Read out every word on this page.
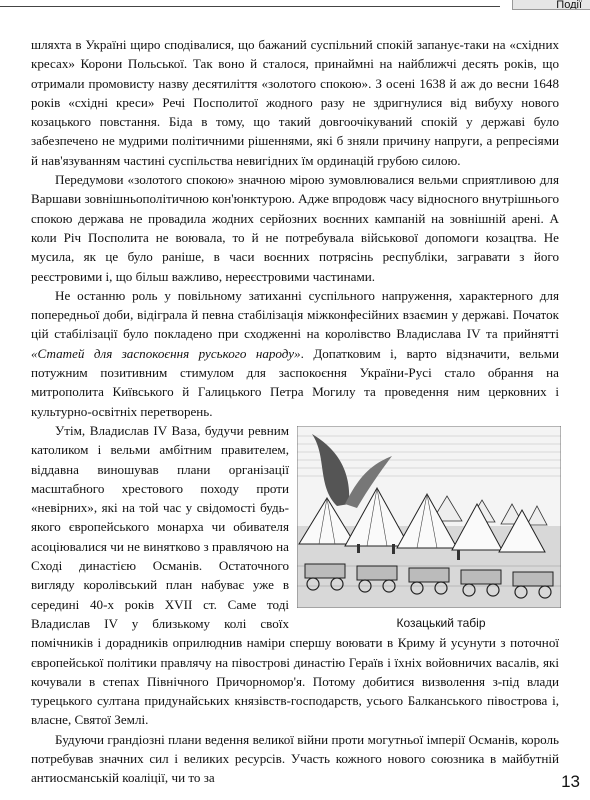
Події

шляхта в Україні щиро сподівалися, що бажаний суспільний спокій запанує-таки на «східних кресах» Корони Польської. Так воно й сталося, принаймні на найближчі десять років, що отримали промовисту назву десятиліття «золотого спокою». З осені 1638 й аж до весни 1648 років «східні креси» Речі Посполитої жодного разу не здригнулися від вибуху нового козацького повстання. Біда в тому, що такий довгоочікуваний спокій у державі було забезпечено не мудрими політичними рішеннями, які б зняли причину напруги, а репресіями й нав'язуванням частині суспільства невигідних їм ординацій грубою силою.

Передумови «золотого спокою» значною мірою зумовлювалися вельми сприятливою для Варшави зовнішньополітичною кон'юнктурою. Адже впродовж часу відносного внутрішнього спокою держава не провадила жодних серйозних воєнних кампаній на зовнішній арені. А коли Річ Посполита не воювала, то й не потребувала військової допомоги козацтва. Не мусила, як це було раніше, в часи воєнних потрясінь республіки, загравати з його реєстровими і, що більш важливо, нереєстровими частинами.

Не останню роль у повільному затиханні суспільного напруження, характерного для попередньої доби, відіграла й певна стабілізація міжконфесійних взаємин у державі. Початок цій стабілізації було покладено при сходженні на королівство Владислава IV та прийнятті «Статей для заспокоєння руського народу». Допатковим і, варто відзначити, вельми потужним позитивним стимулом для заспокоєння України-Русі стало обрання на митрополита Київського й Галицького Петра Могилу та проведення ним церковних і культурно-освітніх перетворень.

Козацький табір
Утім, Владислав IV Ваза, будучи ревним католиком і вельми амбітним правителем, віддавна виношував плани організації масштабного хрестового походу проти «невірних», які на той час у свідомості будь-якого європейського монарха чи обивателя асоціювалися чи не винятково з правлячою на Сході династією Османів. Остаточного вигляду королівський план набуває уже в середині 40-х років XVII ст. Саме тоді Владислав IV у близькому колі своїх помічників і дорадників оприлюднив наміри спершу воювати в Криму й усунути з поточної європейської політики правлячу на півострові династію Гераїв і їхніх войовничих васалів, які кочували в степах Північного Причорномор'я. Потому добитися визволення з-під влади турецького султана придунайських князівств-господарств, усього Балканського півострова і, власне, Святої Землі.

Будуючи грандіозні плани ведення великої війни проти могутньої імперії Османів, король потребував значних сил і великих ресурсів. Участь кожного нового союзника в майбутній антиосманській коаліції, чи то за	13
